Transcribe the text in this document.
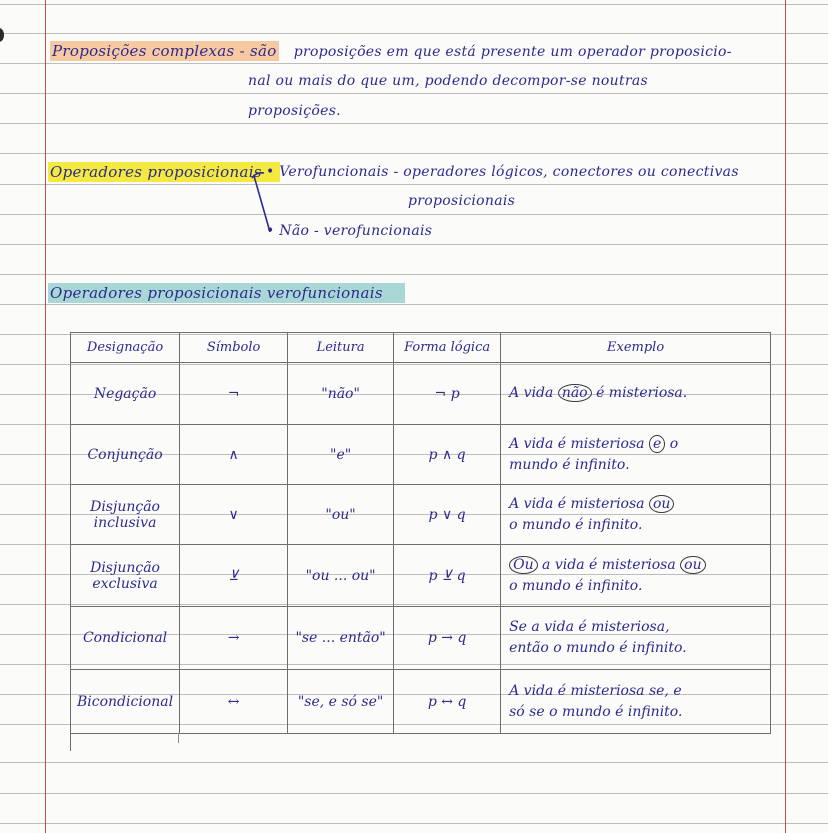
Proposições complexas - são proposições em que está presente um operador proposicio-
nal ou mais do que um, podendo decompor-se noutras
proposições.
Operadores proposicionais • Verofuncionais - operadores lógicos, conectores ou conectivas
proposicionais
• Não - verofuncionais
Operadores proposicionais verofuncionais
Designação	Símbolo	Leitura	Forma lógica	Exemplo
Negação	¬	"não"	¬ p	A vida não é misteriosa.
Conjunção	∧	"e"	p ∧ q	A vida é misteriosa e o
mundo é infinito.

Disjunção inclusiva	∨	"ou"	p ∨ q	A vida é misteriosa ou
o mundo é infinito.

Disjunção exclusiva	⊻	"ou ... ou"	p ⊻ q	Ou a vida é misteriosa ou
o mundo é infinito.

Condicional	→	"se ... então"	p → q	Se a vida é misteriosa,
então o mundo é infinito.

Bicondicional	↔	"se, e só se"	p ↔ q	A vida é misteriosa se, e
só se o mundo é infinito.
